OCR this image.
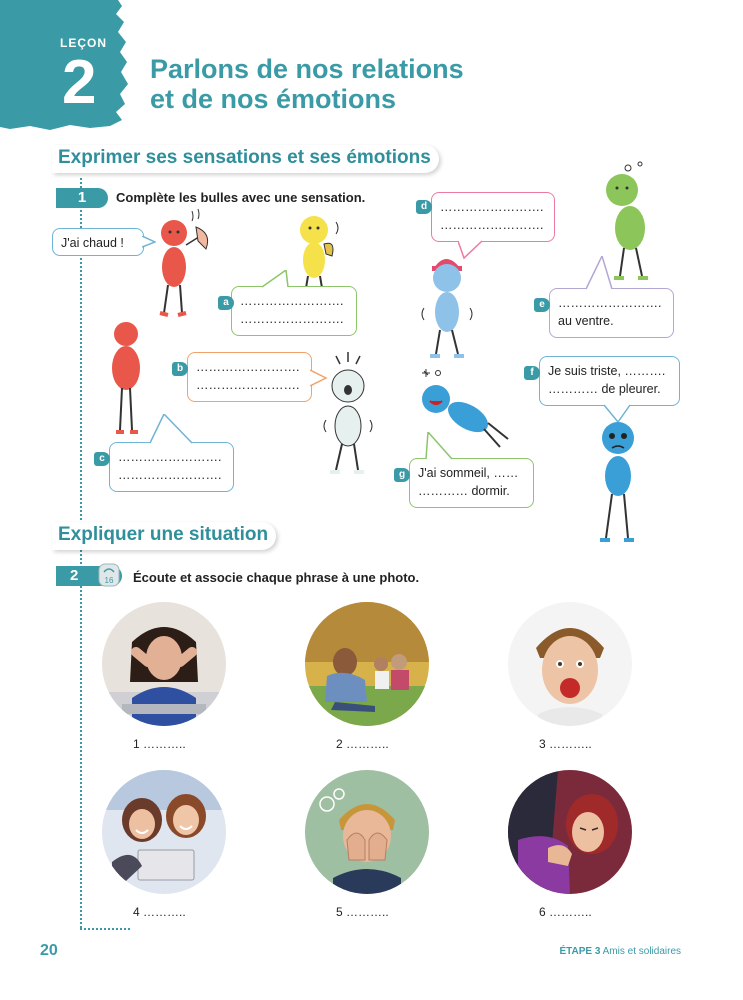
LEÇON
2 Parlons de nos relations
et de nos émotions
Exprimer ses sensations et ses émotions
1	Complète les bulles avec une sensation.
J'ai chaud !
…………………….
…………………….
a
…………………….
…………………….
b
…………………….
…………………….
c
…………………….
…………………….
d
…………………….
au ventre.
e
Je suis triste, ……….
………… de pleurer.
f
J'ai sommeil, ……
………… dormir.
g
Expliquer une situation
2	16 Écoute et associe chaque phrase à une photo.
1 ………..	2 ………..	3 ………..
4 ………..	5 ………..	6 ………..
20	ÉTAPE 3 Amis et solidaires
